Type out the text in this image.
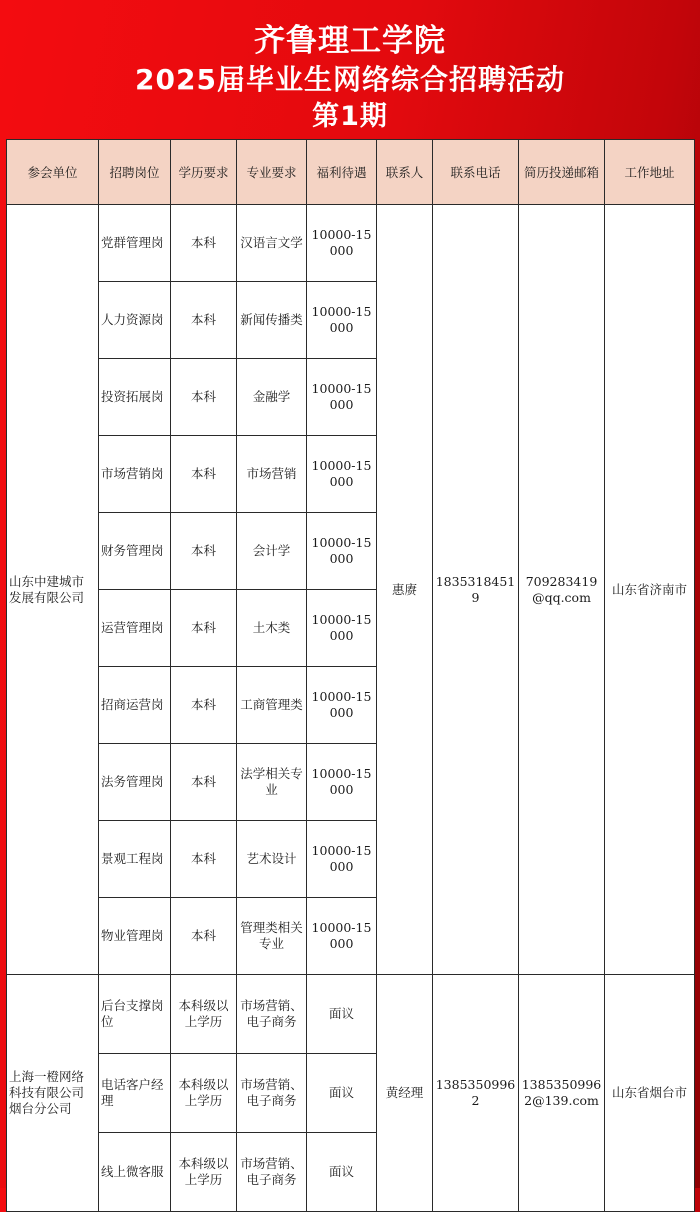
齐鲁理工学院
2025届毕业生网络综合招聘活动
第1期
参会单位	招聘岗位	学历要求	专业要求	福利待遇	联系人	联系电话	简历投递邮箱	工作地址
山东中建城市发展有限公司	党群管理岗	本科	汉语言文学	10000-15000	惠赓	18353184519	709283419@qq.com	山东省济南市
	人力资源岗	本科	新闻传播类	10000-15000				
	投资拓展岗	本科	金融学	10000-15000				
	市场营销岗	本科	市场营销	10000-15000				
	财务管理岗	本科	会计学	10000-15000				
	运营管理岗	本科	土木类	10000-15000				
	招商运营岗	本科	工商管理类	10000-15000				
	法务管理岗	本科	法学相关专业	10000-15000				
	景观工程岗	本科	艺术设计	10000-15000				
	物业管理岗	本科	管理类相关专业	10000-15000				
上海一橙网络科技有限公司烟台分公司	后台支撑岗位	本科级以上学历	市场营销、电子商务	面议	黄经理	13853509962	13853509962@139.com	山东省烟台市
	电话客户经理	本科级以上学历	市场营销、电子商务	面议				
	线上微客服	本科级以上学历	市场营销、电子商务	面议				
